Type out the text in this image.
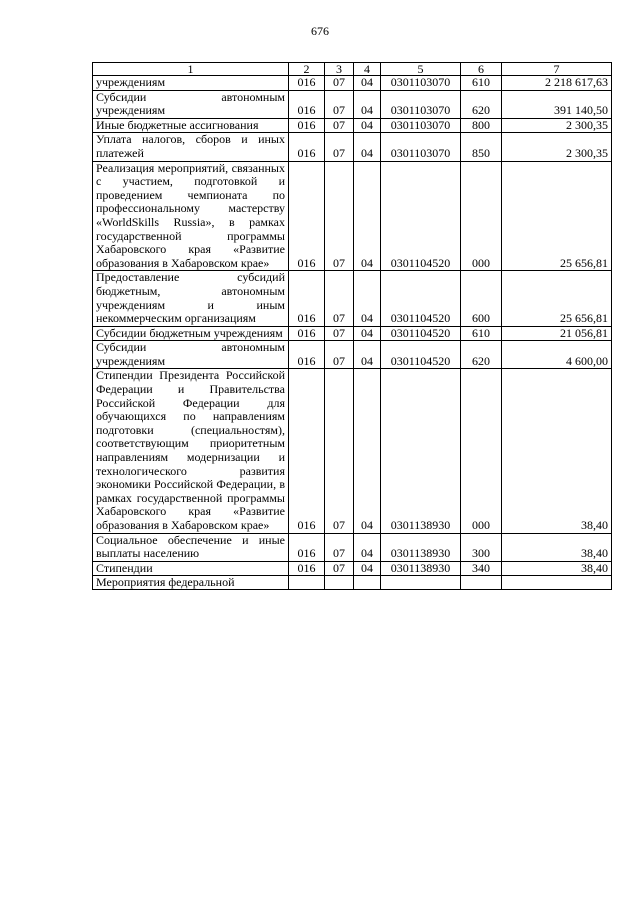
676
1	2	3	4	5	6	7
учреждениям	016	07	04	0301103070	610	2 218 617,63
Субсидии автономным учреждениям	016	07	04	0301103070	620	391 140,50
Иные бюджетные ассигнования	016	07	04	0301103070	800	2 300,35
Уплата налогов, сборов и иных платежей	016	07	04	0301103070	850	2 300,35
Реализация мероприятий, связанных с участием, подготовкой и проведением чемпионата по профессиональному мастерству «WorldSkills Russia», в рамках государственной программы Хабаровского края «Развитие образования в Хабаровском крае»	016	07	04	0301104520	000	25 656,81
Предоставление субсидий бюджетным, автономным учреждениям и иным некоммерческим организациям	016	07	04	0301104520	600	25 656,81
Субсидии бюджетным учреждениям	016	07	04	0301104520	610	21 056,81
Субсидии автономным учреждениям	016	07	04	0301104520	620	4 600,00
Стипендии Президента Российской Федерации и Правительства Российской Федерации для обучающихся по направлениям подготовки (специальностям), соответствующим приоритетным направлениям модернизации и технологического развития экономики Российской Федерации, в рамках государственной программы Хабаровского края «Развитие образования в Хабаровском крае»	016	07	04	0301138930	000	38,40
Социальное обеспечение и иные выплаты населению	016	07	04	0301138930	300	38,40
Стипендии	016	07	04	0301138930	340	38,40

Мероприятия федеральной						
